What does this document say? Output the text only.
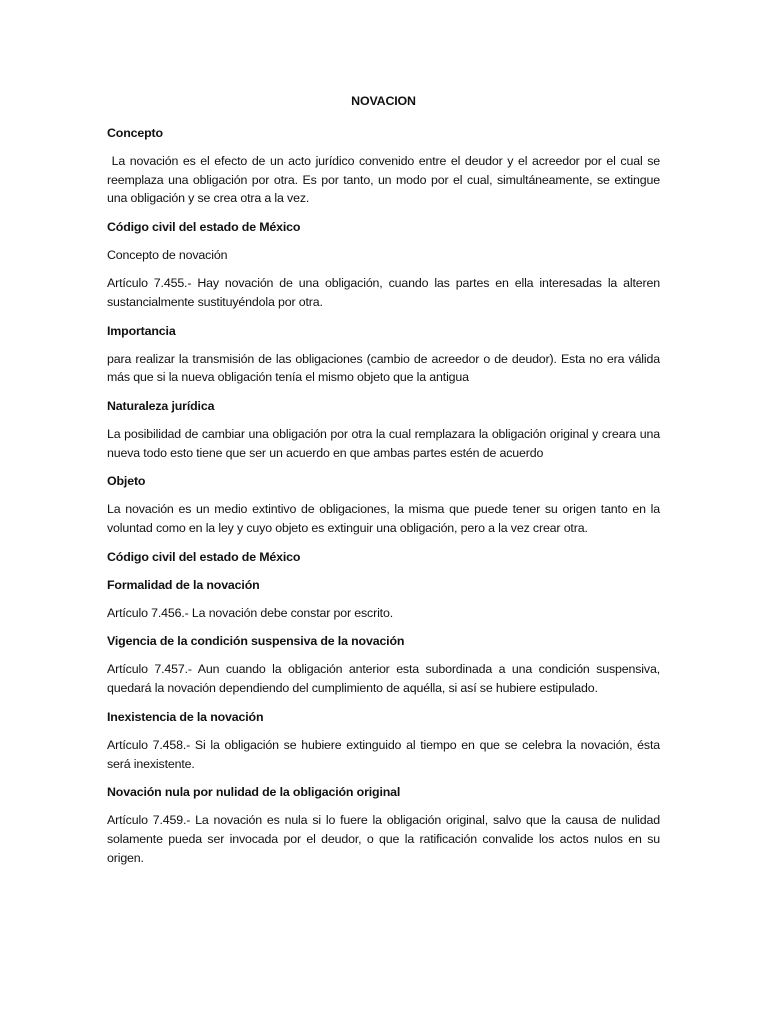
NOVACION
Concepto
La novación es el efecto de un acto jurídico convenido entre el deudor y el acreedor por el cual se reemplaza una obligación por otra. Es por tanto, un modo por el cual, simultáneamente, se extingue una obligación y se crea otra a la vez.
Código civil del estado de México
Concepto de novación
Artículo 7.455.- Hay novación de una obligación, cuando las partes en ella interesadas la alteren sustancialmente sustituyéndola por otra.
Importancia
para realizar la transmisión de las obligaciones (cambio de acreedor o de deudor). Esta no era válida más que si la nueva obligación tenía el mismo objeto que la antigua
Naturaleza jurídica
La posibilidad de cambiar una obligación por otra la cual remplazara la obligación original y creara una nueva todo esto tiene que ser un acuerdo en que ambas partes estén de acuerdo
Objeto
La novación es un medio extintivo de obligaciones, la misma que puede tener su origen tanto en la voluntad como en la ley y cuyo objeto es extinguir una obligación, pero a la vez crear otra.
Código civil del estado de México
Formalidad de la novación
Artículo 7.456.- La novación debe constar por escrito.
Vigencia de la condición suspensiva de la novación
Artículo 7.457.- Aun cuando la obligación anterior esta subordinada a una condición suspensiva, quedará la novación dependiendo del cumplimiento de aquélla, si así se hubiere estipulado.
Inexistencia de la novación
Artículo 7.458.- Si la obligación se hubiere extinguido al tiempo en que se celebra la novación, ésta será inexistente.
Novación nula por nulidad de la obligación original
Artículo 7.459.- La novación es nula si lo fuere la obligación original, salvo que la causa de nulidad solamente pueda ser invocada por el deudor, o que la ratificación convalide los actos nulos en su origen.
